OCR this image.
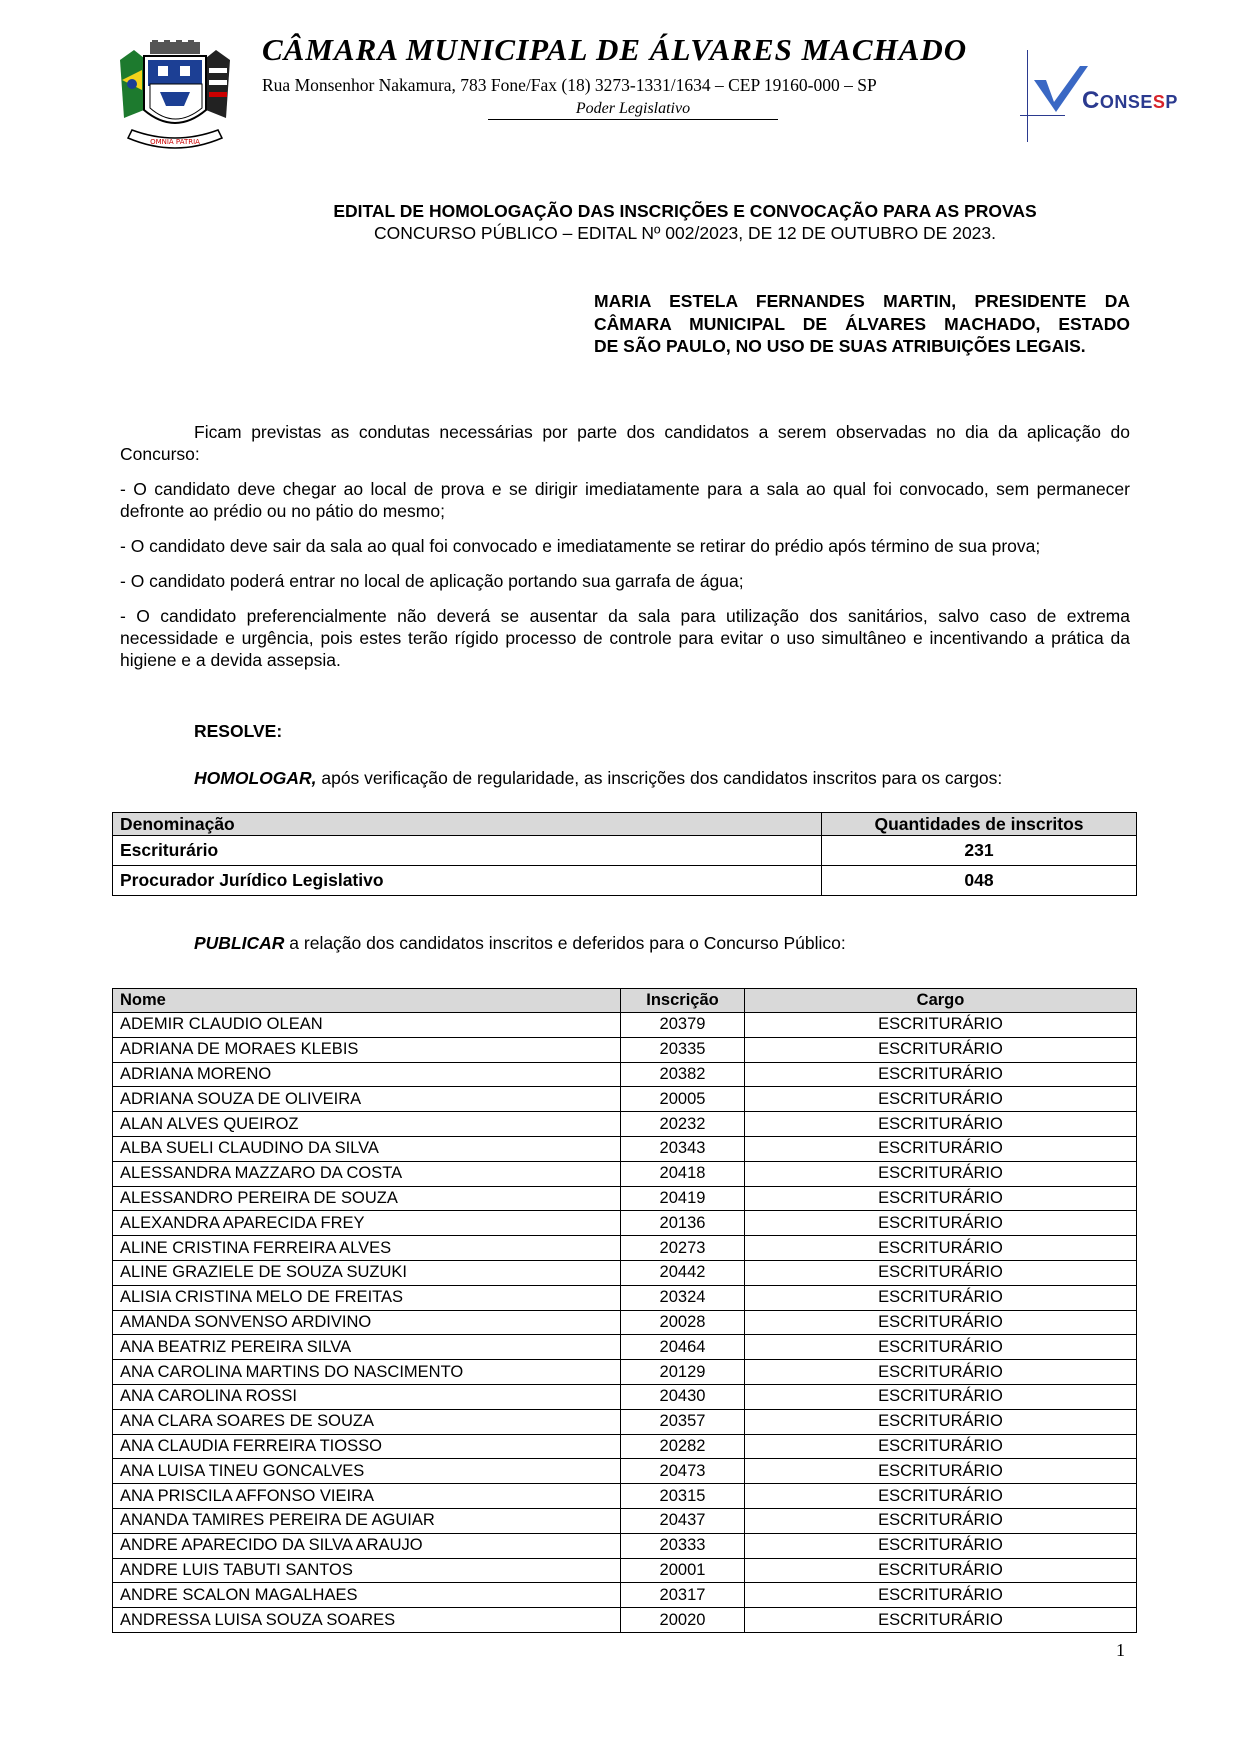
OMNIA PATRIA
CÂMARA MUNICIPAL DE ÁLVARES MACHADO
Rua Monsenhor Nakamura, 783 Fone/Fax (18) 3273-1331/1634 – CEP 19160-000 – SP
Poder Legislativo	CONSESP
EDITAL DE HOMOLOGAÇÃO DAS INSCRIÇÕES E CONVOCAÇÃO PARA AS PROVAS
CONCURSO PÚBLICO – EDITAL Nº 002/2023, DE 12 DE OUTUBRO DE 2023.
MARIA ESTELA FERNANDES MARTIN, PRESIDENTE DA
CÂMARA MUNICIPAL DE ÁLVARES MACHADO, ESTADO
DE SÃO PAULO, NO USO DE SUAS ATRIBUIÇÕES LEGAIS.
Ficam previstas as condutas necessárias por parte dos candidatos a serem observadas no dia da aplicação do Concurso:
- O candidato deve chegar ao local de prova e se dirigir imediatamente para a sala ao qual foi convocado, sem permanecer defronte ao prédio ou no pátio do mesmo;
- O candidato deve sair da sala ao qual foi convocado e imediatamente se retirar do prédio após término de sua prova;
- O candidato poderá entrar no local de aplicação portando sua garrafa de água;
- O candidato preferencialmente não deverá se ausentar da sala para utilização dos sanitários, salvo caso de extrema necessidade e urgência, pois estes terão rígido processo de controle para evitar o uso simultâneo e incentivando a prática da higiene e a devida assepsia.
RESOLVE:
HOMOLOGAR, após verificação de regularidade, as inscrições dos candidatos inscritos para os cargos:
Denominação	Quantidades de inscritos
Escriturário	231
Procurador Jurídico Legislativo	048
PUBLICAR a relação dos candidatos inscritos e deferidos para o Concurso Público:
Nome	Inscrição	Cargo
ADEMIR CLAUDIO OLEAN	20379	ESCRITURÁRIO
ADRIANA DE MORAES KLEBIS	20335	ESCRITURÁRIO
ADRIANA MORENO	20382	ESCRITURÁRIO
ADRIANA SOUZA DE OLIVEIRA	20005	ESCRITURÁRIO
ALAN ALVES QUEIROZ	20232	ESCRITURÁRIO
ALBA SUELI CLAUDINO DA SILVA	20343	ESCRITURÁRIO
ALESSANDRA MAZZARO DA COSTA	20418	ESCRITURÁRIO
ALESSANDRO PEREIRA DE SOUZA	20419	ESCRITURÁRIO
ALEXANDRA APARECIDA FREY	20136	ESCRITURÁRIO
ALINE CRISTINA FERREIRA ALVES	20273	ESCRITURÁRIO
ALINE GRAZIELE DE SOUZA SUZUKI	20442	ESCRITURÁRIO
ALISIA CRISTINA MELO DE FREITAS	20324	ESCRITURÁRIO
AMANDA SONVENSO ARDIVINO	20028	ESCRITURÁRIO
ANA BEATRIZ PEREIRA SILVA	20464	ESCRITURÁRIO
ANA CAROLINA MARTINS DO NASCIMENTO	20129	ESCRITURÁRIO
ANA CAROLINA ROSSI	20430	ESCRITURÁRIO
ANA CLARA SOARES DE SOUZA	20357	ESCRITURÁRIO
ANA CLAUDIA FERREIRA TIOSSO	20282	ESCRITURÁRIO
ANA LUISA TINEU GONCALVES	20473	ESCRITURÁRIO
ANA PRISCILA AFFONSO VIEIRA	20315	ESCRITURÁRIO
ANANDA TAMIRES PEREIRA DE AGUIAR	20437	ESCRITURÁRIO
ANDRE APARECIDO DA SILVA ARAUJO	20333	ESCRITURÁRIO
ANDRE LUIS TABUTI SANTOS	20001	ESCRITURÁRIO
ANDRE SCALON MAGALHAES	20317	ESCRITURÁRIO
ANDRESSA LUISA SOUZA SOARES	20020	ESCRITURÁRIO
1
